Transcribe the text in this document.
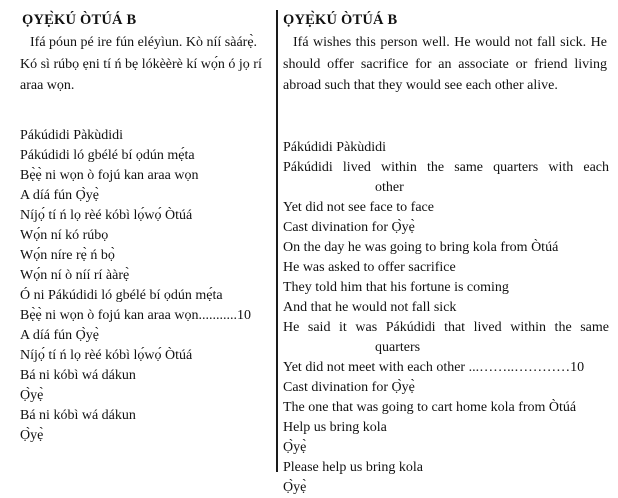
ỌYẸ̀KÚ ÒTÚÁ B

Ifá póun pé ire fún eléyìun. Kò níí sàárẹ̀. Kó sì rúbọ ẹni tí ń bẹ lókèèrè kí wọ́n ó jọ rí araa wọn.

Pákúdidi Pàkùdidi
Pákúdidi ló gbélé bí ọdún mẹ́ta
Bẹ̀ẹ̀ ni wọn ò fojú kan araa wọn
A díá fún Ọ̀yẹ̀
Níjọ́ tí ń lọ rèé kóbì lọ́wọ́ Òtúá
Wọ́n ní kó rúbọ
Wọ́n níre rẹ̀ ń bọ̀
Wọ́n ní ò níí rí ààrẹ̀
Ó ni Pákúdidi ló gbélé bí ọdún mẹ́ta
Bẹ̀ẹ̀ ni wọn ò fojú kan araa wọn...........10
A díá fún Ọ̀yẹ̀
Níjọ́ tí ń lọ rèé kóbì lọ́wọ́ Òtúá
Bá ni kóbì wá dákun
Ọ̀yẹ̀
Bá ni kóbì wá dákun
Ọ̀yẹ̀
ỌYẸ̀KÚ ÒTÚÁ B

Ifá wishes this person well. He would not fall sick. He should offer sacrifice for an associate or friend living abroad such that they would see each other alive.

Pákúdidi Pàkùdidi
Pákúdidi lived within the same quarters with each
other
Yet did not see face to face
Cast divination for Ọ̀yẹ̀
On the day he was going to bring kola from Òtúá
He was asked to offer sacrifice
They told him that his fortune is coming
And that he would not fall sick
He said it was Pákúdidi that lived within the same
quarters
Yet did not meet with each other ...……..…………10
Cast divination for Ọ̀yẹ̀
The one that was going to cart home kola from Òtúá
Help us bring kola
Ọ̀yẹ̀
Please help us bring kola
Ọ̀yẹ̀
